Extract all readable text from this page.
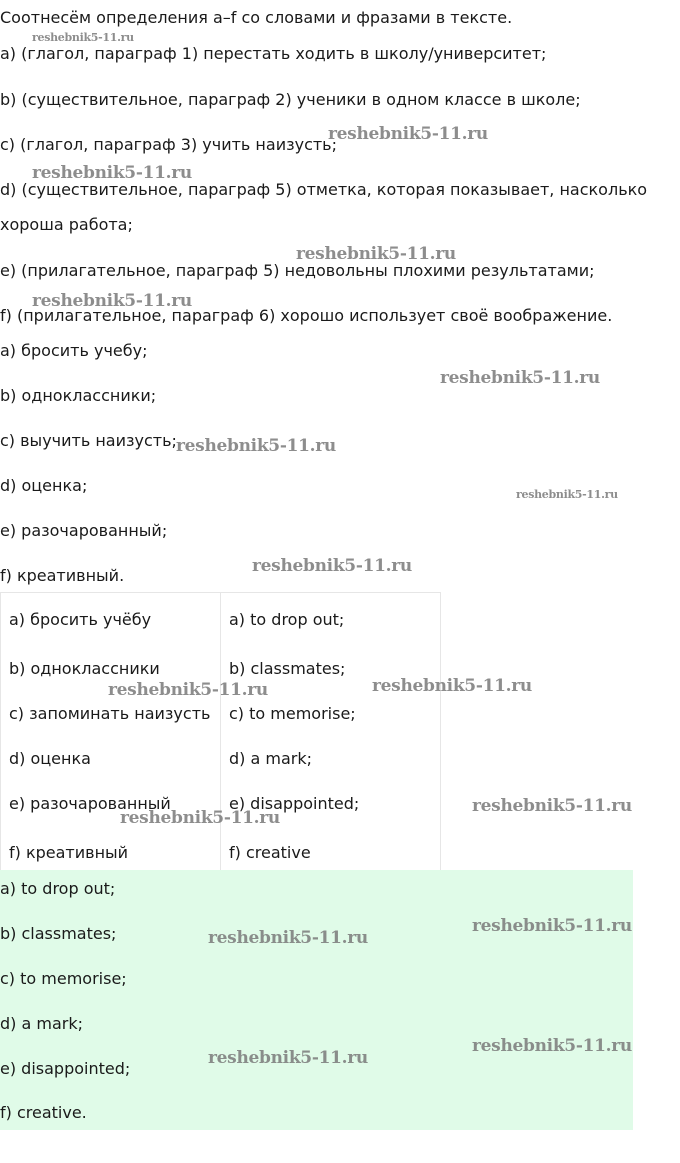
Соотнесём определения a–f со словами и фразами в тексте.
a) (глагол, параграф 1) перестать ходить в школу/университет;
b) (существительное, параграф 2) ученики в одном классе в школе;
c) (глагол, параграф 3) учить наизусть;
d) (существительное, параграф 5) отметка, которая показывает, насколько
хороша работа;
e) (прилагательное, параграф 5) недовольны плохими результатами;
f) (прилагательное, параграф 6) хорошо использует своё воображение.
a) бросить учебу;
b) одноклассники;
c) выучить наизусть;
d) оценка;
e) разочарованный;
f) креативный.
a) бросить учёбу	a) to drop out;
b) одноклассники	b) classmates;
c) запоминать наизусть	c) to memorise;
d) оценка	d) a mark;
e) разочарованный	e) disappointed;
f) креативный	f) creative
a) to drop out;
b) classmates;
c) to memorise;
d) a mark;
e) disappointed;
f) creative.
reshebnik5-11.ru
reshebnik5-11.ru
reshebnik5-11.ru
reshebnik5-11.ru
reshebnik5-11.ru
reshebnik5-11.ru
reshebnik5-11.ru
reshebnik5-11.ru
reshebnik5-11.ru
reshebnik5-11.ru	reshebnik5-11.ru
reshebnik5-11.ru
reshebnik5-11.ru
reshebnik5-11.ru
reshebnik5-11.ru
reshebnik5-11.ru
reshebnik5-11.ru
